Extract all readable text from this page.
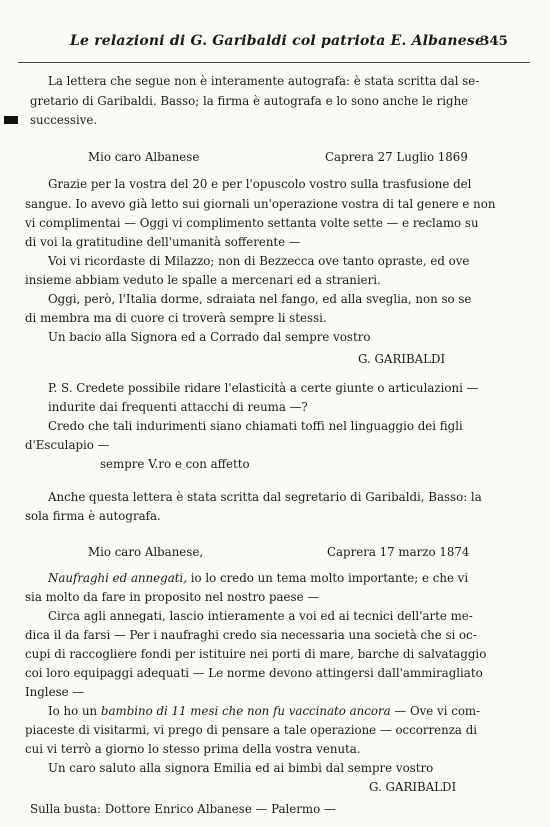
Le relazioni di G. Garibaldi col patriota E. Albanese
345
La lettera che segue non è interamente autografa: è stata scritta dal se-
gretario di Garibaldi. Basso; la firma è autografa e lo sono anche le righe
successive.
Mio caro Albanese	Caprera 27 Luglio 1869
Grazie per la vostra del 20 e per l'opuscolo vostro sulla trasfusione del
sangue. Io avevo già letto sui giornali un'operazione vostra di tal genere e non
vi complimentai — Oggi vi complimento settanta volte sette — e reclamo su
di voi la gratitudine dell'umanità sofferente —
Voi vi ricordaste di Milazzo; non di Bezzecca ove tanto opraste, ed ove
insieme abbiam veduto le spalle a mercenari ed a stranieri.
Oggi, però, l'Italia dorme, sdraiata nel fango, ed alla sveglia, non so se
di membra ma di cuore ci troverà sempre li stessi.
Un bacio alla Signora ed a Corrado dal sempre vostro
G. GARIBALDI
P. S. Credete possibile ridare l'elasticità a certe giunte o articulazioni —
indurite dai frequenti attacchi di reuma —?
Credo che tali indurimenti siano chiamati toffi nel linguaggio dei figli
d'Esculapio —
sempre V.ro e con affetto
Anche questa lettera è stata scritta dal segretario di Garibaldi, Basso: la
sola firma è autografa.
Mio caro Albanese,	Caprera 17 marzo 1874
Naufraghi ed annegati, io lo credo un tema molto importante; e che vi
sia molto da fare in proposito nel nostro paese —
Circa agli annegati, lascio intieramente a voi ed ai tecnici dell'arte me-
dica il da farsi — Per i naufraghi credo sia necessaria una società che si oc-
cupi di raccogliere fondi per istituire nei porti di mare, barche di salvataggio
coi loro equipaggi adequati — Le norme devono attingersi dall'ammiragliato
Inglese —
Io ho un bambino di 11 mesi che non fu vaccinato ancora — Ove vi com-
piaceste di visitarmi, vi prego di pensare a tale operazione — occorrenza di
cui vi terrò a giorno lo stesso prima della vostra venuta.
Un caro saluto alla signora Emilia ed ai bimbi dal sempre vostro
G. GARIBALDI
Sulla busta: Dottore Enrico Albanese — Palermo —
